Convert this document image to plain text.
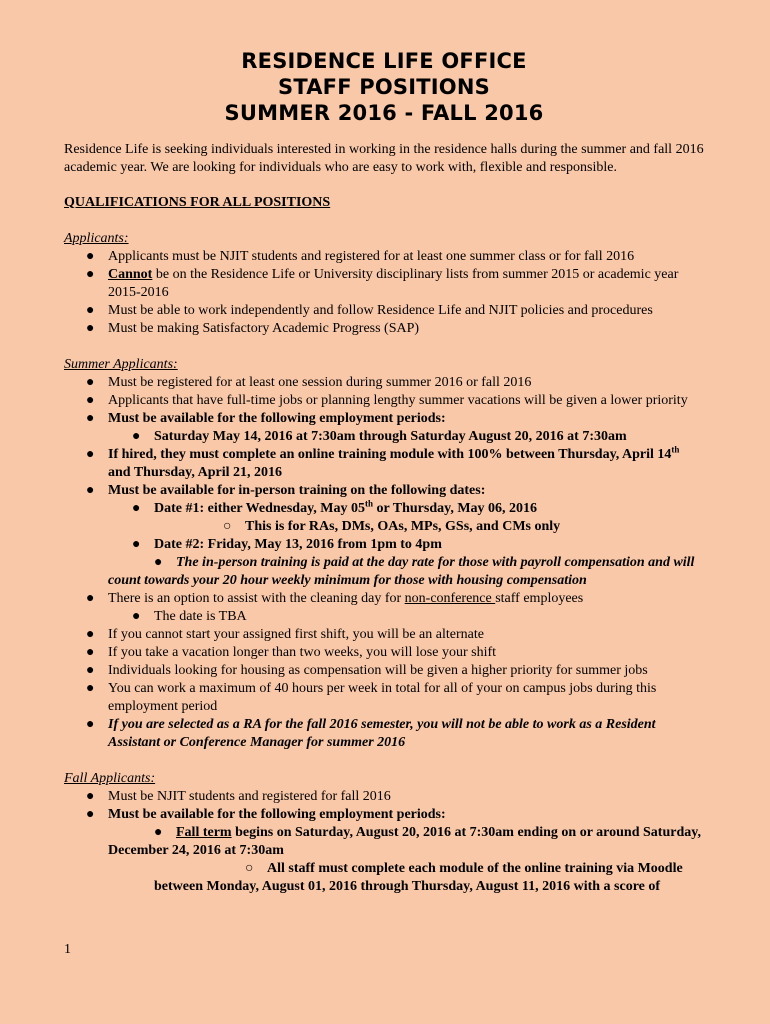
RESIDENCE LIFE OFFICE
STAFF POSITIONS
SUMMER 2016 - FALL 2016
Residence Life is seeking individuals interested in working in the residence halls during the summer and fall 2016 academic year. We are looking for individuals who are easy to work with, flexible and responsible.
QUALIFICATIONS FOR ALL POSITIONS
Applicants:
● Applicants must be NJIT students and registered for at least one summer class or for fall 2016
● Cannot be on the Residence Life or University disciplinary lists from summer 2015 or academic year 2015-2016
● Must be able to work independently and follow Residence Life and NJIT policies and procedures
● Must be making Satisfactory Academic Progress (SAP)
Summer Applicants:
● Must be registered for at least one session during summer 2016 or fall 2016
● Applicants that have full-time jobs or planning lengthy summer vacations will be given a lower priority
● Must be available for the following employment periods:
● Saturday May 14, 2016 at 7:30am through Saturday August 20, 2016 at 7:30am
● If hired, they must complete an online training module with 100% between Thursday, April 14th and Thursday, April 21, 2016
● Must be available for in-person training on the following dates:
● Date #1: either Wednesday, May 05th or Thursday, May 06, 2016
○ This is for RAs, DMs, OAs, MPs, GSs, and CMs only
● Date #2: Friday, May 13, 2016 from 1pm to 4pm
● The in-person training is paid at the day rate for those with payroll compensation and will count towards your 20 hour weekly minimum for those with housing compensation
● There is an option to assist with the cleaning day for non-conference staff employees
● The date is TBA
● If you cannot start your assigned first shift, you will be an alternate
● If you take a vacation longer than two weeks, you will lose your shift
● Individuals looking for housing as compensation will be given a higher priority for summer jobs
● You can work a maximum of 40 hours per week in total for all of your on campus jobs during this employment period
● If you are selected as a RA for the fall 2016 semester, you will not be able to work as a Resident Assistant or Conference Manager for summer 2016
Fall Applicants:
● Must be NJIT students and registered for fall 2016
● Must be available for the following employment periods:
● Fall term begins on Saturday, August 20, 2016 at 7:30am ending on or around Saturday, December 24, 2016 at 7:30am
○ All staff must complete each module of the online training via Moodle between Monday, August 01, 2016 through Thursday, August 11, 2016 with a score of
1
